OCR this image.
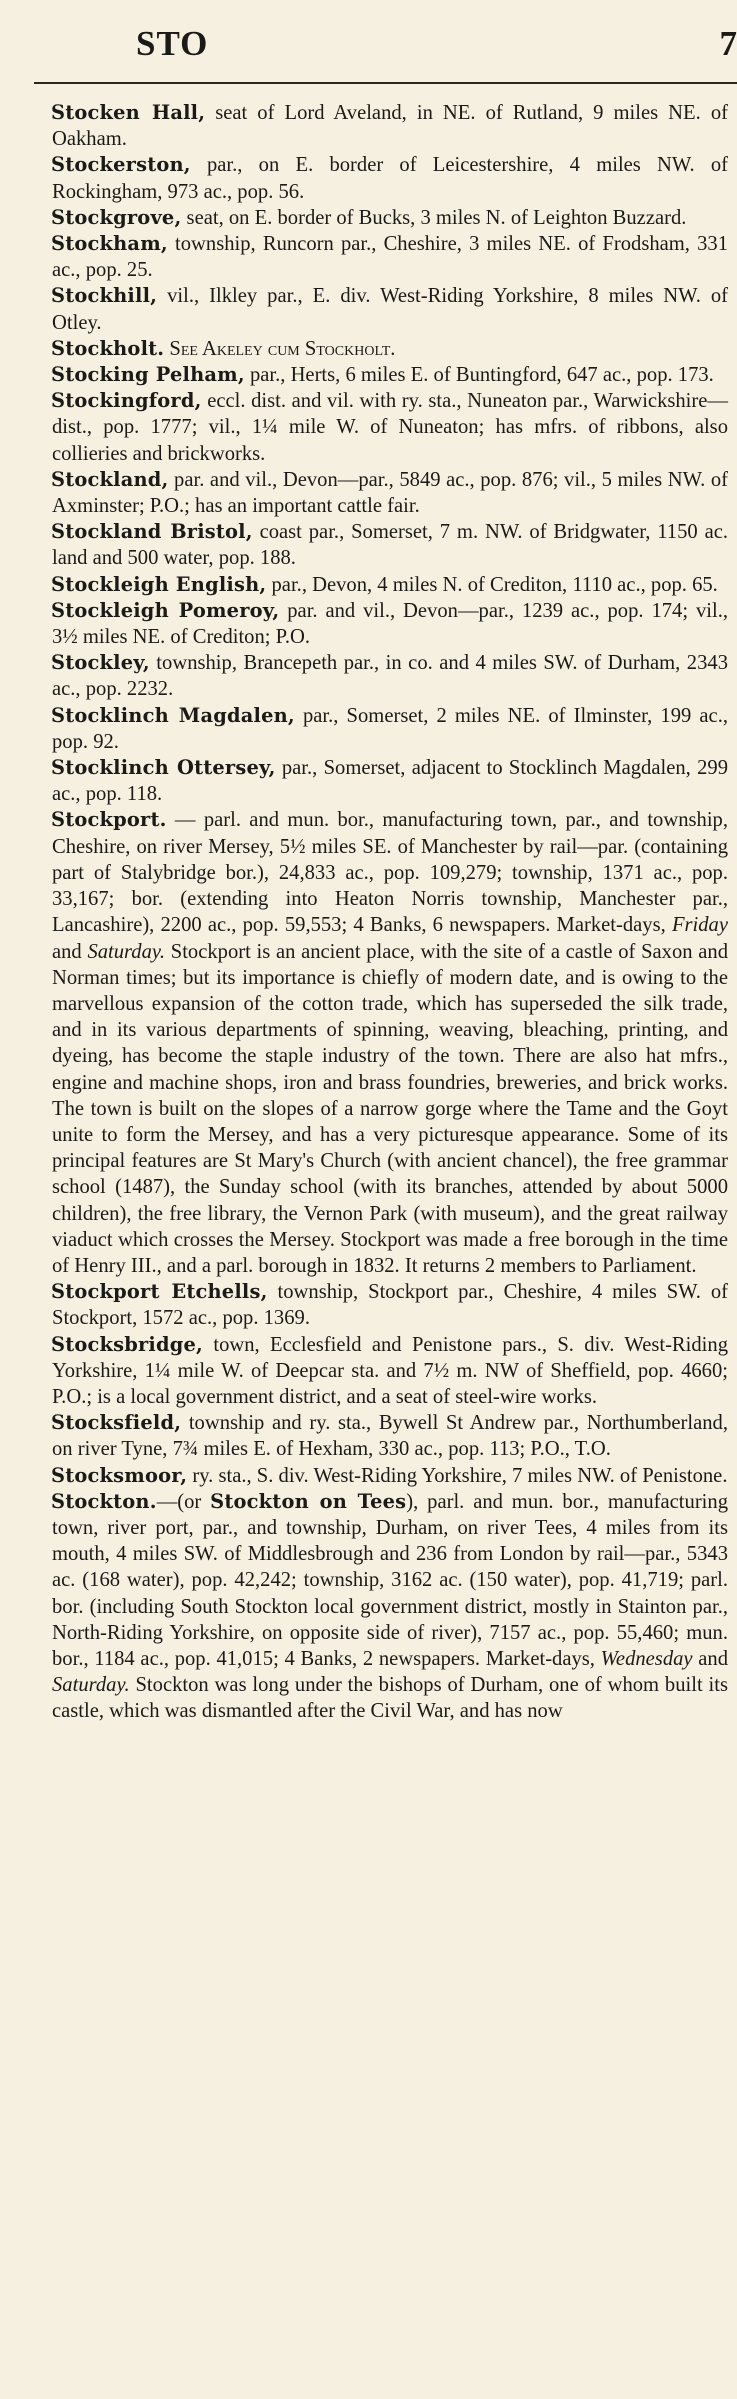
STO	7

Stocken Hall, seat of Lord Aveland, in NE. of Rutland, 9 miles NE. of Oakham.

Stockerston, par., on E. border of Leicestershire, 4 miles NW. of Rockingham, 973 ac., pop. 56.

Stockgrove, seat, on E. border of Bucks, 3 miles N. of Leighton Buzzard.

Stockham, township, Runcorn par., Cheshire, 3 miles NE. of Frodsham, 331 ac., pop. 25.

Stockhill, vil., Ilkley par., E. div. West-Riding Yorkshire, 8 miles NW. of Otley.

Stockholt. See Akeley cum Stockholt.

Stocking Pelham, par., Herts, 6 miles E. of Buntingford, 647 ac., pop. 173.

Stockingford, eccl. dist. and vil. with ry. sta., Nuneaton par., Warwickshire—dist., pop. 1777; vil., 1¼ mile W. of Nuneaton; has mfrs. of ribbons, also collieries and brickworks.

Stockland, par. and vil., Devon—par., 5849 ac., pop. 876; vil., 5 miles NW. of Axminster; P.O.; has an important cattle fair.

Stockland Bristol, coast par., Somerset, 7 m. NW. of Bridgwater, 1150 ac. land and 500 water, pop. 188.

Stockleigh English, par., Devon, 4 miles N. of Crediton, 1110 ac., pop. 65.

Stockleigh Pomeroy, par. and vil., Devon—par., 1239 ac., pop. 174; vil., 3½ miles NE. of Crediton; P.O.

Stockley, township, Brancepeth par., in co. and 4 miles SW. of Durham, 2343 ac., pop. 2232.

Stocklinch Magdalen, par., Somerset, 2 miles NE. of Ilminster, 199 ac., pop. 92.

Stocklinch Ottersey, par., Somerset, adjacent to Stocklinch Magdalen, 299 ac., pop. 118.

Stockport. — parl. and mun. bor., manufacturing town, par., and township, Cheshire, on river Mersey, 5½ miles SE. of Manchester by rail—par. (containing part of Stalybridge bor.), 24,833 ac., pop. 109,279; township, 1371 ac., pop. 33,167; bor. (extending into Heaton Norris township, Manchester par., Lancashire), 2200 ac., pop. 59,553; 4 Banks, 6 newspapers. Market-days, Friday and Saturday. Stockport is an ancient place, with the site of a castle of Saxon and Norman times; but its importance is chiefly of modern date, and is owing to the marvellous expansion of the cotton trade, which has superseded the silk trade, and in its various departments of spinning, weaving, bleaching, printing, and dyeing, has become the staple industry of the town. There are also hat mfrs., engine and machine shops, iron and brass foundries, breweries, and brick works. The town is built on the slopes of a narrow gorge where the Tame and the Goyt unite to form the Mersey, and has a very picturesque appearance. Some of its principal features are St Mary's Church (with ancient chancel), the free grammar school (1487), the Sunday school (with its branches, attended by about 5000 children), the free library, the Vernon Park (with museum), and the great railway viaduct which crosses the Mersey. Stockport was made a free borough in the time of Henry III., and a parl. borough in 1832. It returns 2 members to Parliament.

Stockport Etchells, township, Stockport par., Cheshire, 4 miles SW. of Stockport, 1572 ac., pop. 1369.

Stocksbridge, town, Ecclesfield and Penistone pars., S. div. West-Riding Yorkshire, 1¼ mile W. of Deepcar sta. and 7½ m. NW of Sheffield, pop. 4660; P.O.; is a local government district, and a seat of steel-wire works.

Stocksfield, township and ry. sta., Bywell St Andrew par., Northumberland, on river Tyne, 7¾ miles E. of Hexham, 330 ac., pop. 113; P.O., T.O.

Stocksmoor, ry. sta., S. div. West-Riding Yorkshire, 7 miles NW. of Penistone.

Stockton.—(or Stockton on Tees), parl. and mun. bor., manufacturing town, river port, par., and township, Durham, on river Tees, 4 miles from its mouth, 4 miles SW. of Middlesbrough and 236 from London by rail—par., 5343 ac. (168 water), pop. 42,242; township, 3162 ac. (150 water), pop. 41,719; parl. bor. (including South Stockton local government district, mostly in Stainton par., North-Riding Yorkshire, on opposite side of river), 7157 ac., pop. 55,460; mun. bor., 1184 ac., pop. 41,015; 4 Banks, 2 newspapers. Market-days, Wednesday and Saturday. Stockton was long under the bishops of Durham, one of whom built its castle, which was dismantled after the Civil War, and has now
